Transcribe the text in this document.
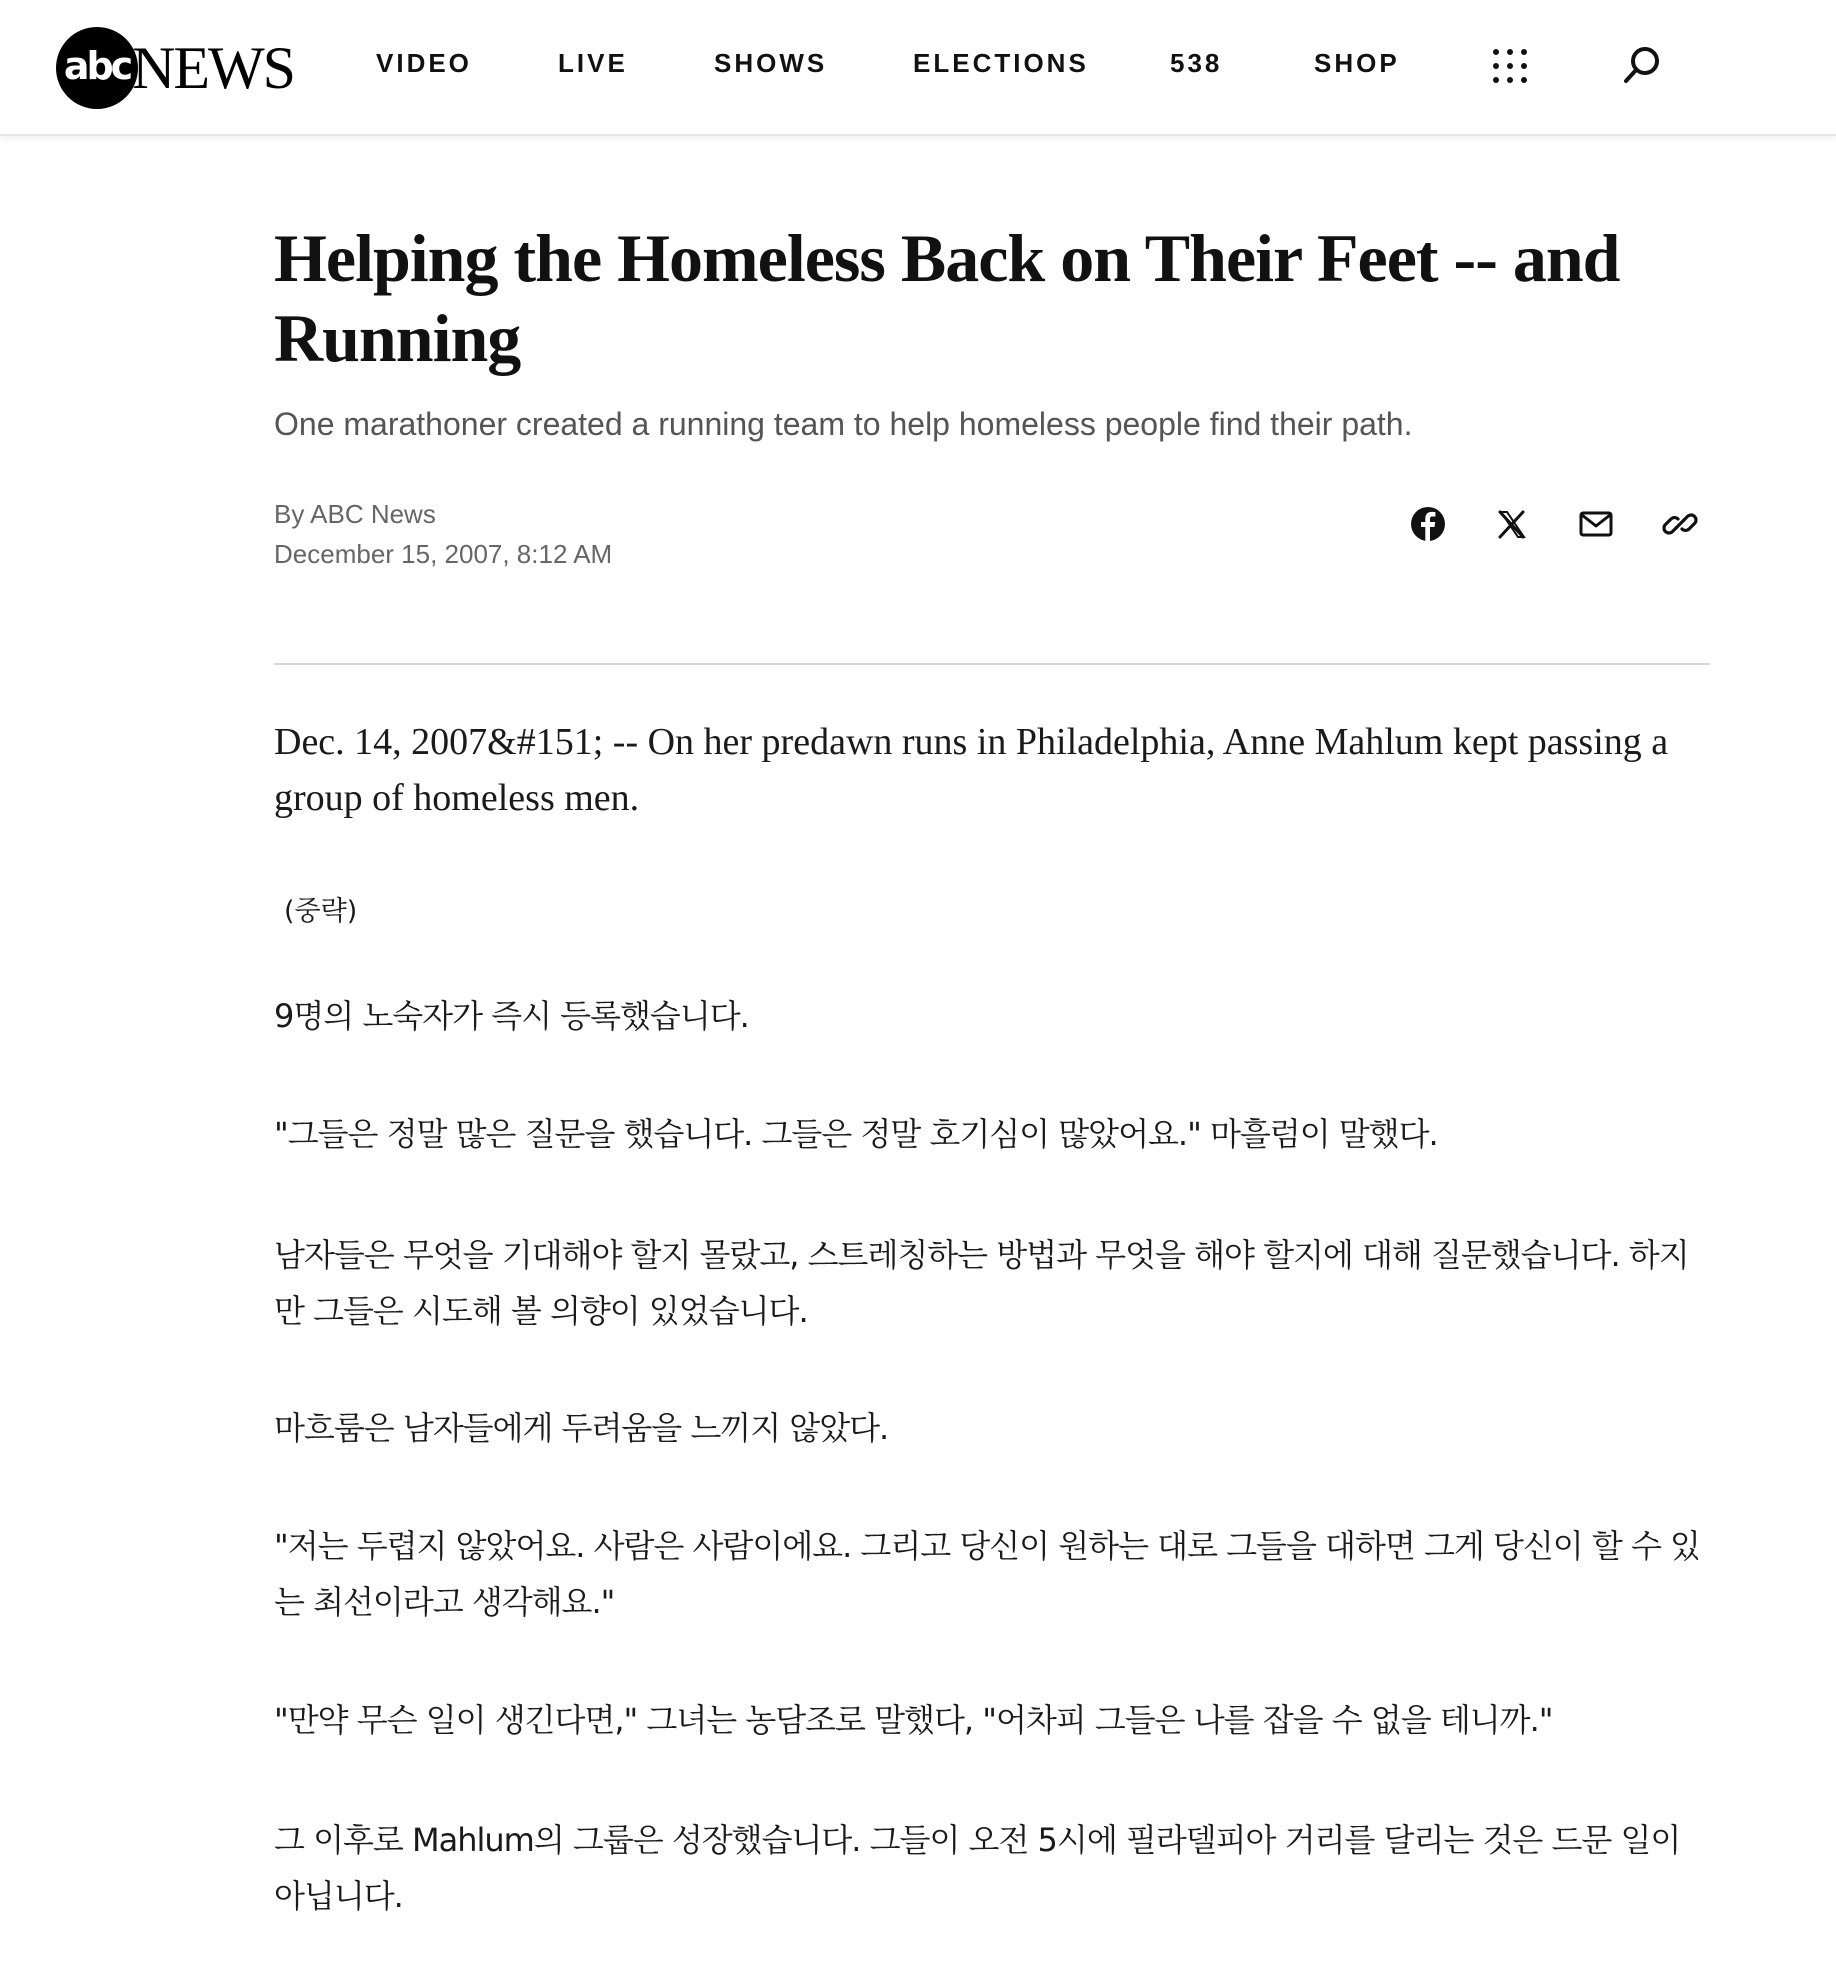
abc NEWS	VIDEO	LIVE	SHOWS	ELECTIONS	538	SHOP
Helping the Homeless Back on Their Feet -- and Running

One marathoner created a running team to help homeless people find their path.

By ABC News
December 15, 2007, 8:12 AM

Dec. 14, 2007&#151; -- On her predawn runs in Philadelphia, Anne Mahlum kept passing a group of homeless men.

(중략)

9명의 노숙자가 즉시 등록했습니다.

"그들은 정말 많은 질문을 했습니다. 그들은 정말 호기심이 많았어요." 마흘럼이 말했다.

남자들은 무엇을 기대해야 할지 몰랐고, 스트레칭하는 방법과 무엇을 해야 할지에 대해 질문했습니다. 하지만 그들은 시도해 볼 의향이 있었습니다.

마흐룸은 남자들에게 두려움을 느끼지 않았다.

"저는 두렵지 않았어요. 사람은 사람이에요. 그리고 당신이 원하는 대로 그들을 대하면 그게 당신이 할 수 있는 최선이라고 생각해요."

"만약 무슨 일이 생긴다면," 그녀는 농담조로 말했다, "어차피 그들은 나를 잡을 수 없을 테니까."

그 이후로 Mahlum의 그룹은 성장했습니다. 그들이 오전 5시에 필라델피아 거리를 달리는 것은 드문 일이 아닙니다.
